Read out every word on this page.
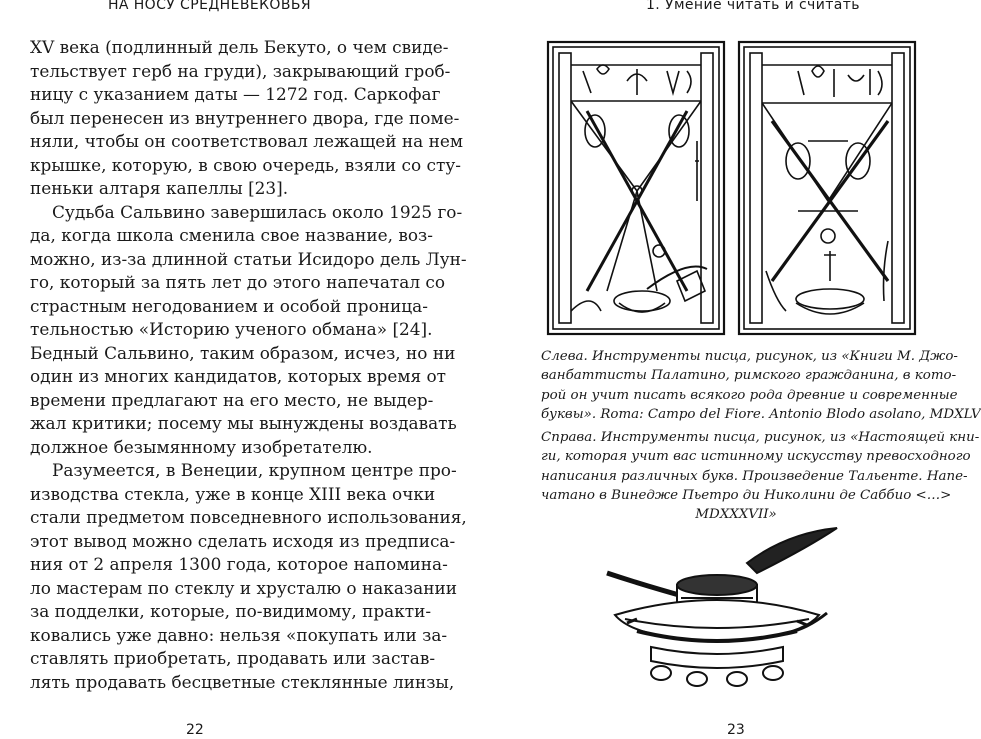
НА НОСУ СРЕДНЕВЕКОВЬЯ
XV века (подлинный дель Бекуто, о чем свиде-
тельствует герб на груди), закрывающий гроб-
ницу с указанием даты — 1272 год. Саркофаг
был перенесен из внутреннего двора, где поме-
няли, чтобы он соответствовал лежащей на нем
крышке, которую, в свою очередь, взяли со сту-
пеньки алтаря капеллы [23].
Судьба Сальвино завершилась около 1925 го-
да, когда школа сменила свое название, воз-
можно, из-за длинной статьи Исидоро дель Лун-
го, который за пять лет до этого напечатал со
страстным негодованием и особой проница-
тельностью «Историю ученого обмана» [24].
Бедный Сальвино, таким образом, исчез, но ни
один из многих кандидатов, которых время от
времени предлагают на его место, не выдер-
жал критики; посему мы вынуждены воздавать
должное безымянному изобретателю.
Разумеется, в Венеции, крупном центре про-
изводства стекла, уже в конце XIII века очки
стали предметом повседневного использования,
этот вывод можно сделать исходя из предписа-
ния от 2 апреля 1300 года, которое напомина-
ло мастерам по стеклу и хрусталю о наказании
за подделки, которые, по-видимому, практи-
ковались уже давно: нельзя «покупать или за-
ставлять приобретать, продавать или застав-
лять продавать бесцветные стеклянные линзы,
22
1. Умение читать и считать
Слева. Инструменты писца, рисунок, из «Книги М. Джо-
ванбаттисты Палатино, римского гражданина, в кото-
рой он учит писать всякого рода древние и современные
буквы». Roma: Campo del Fiore. Antonio Blodo asolano, MDXLV
Справа. Инструменты писца, рисунок, из «Настоящей кни-
ги, которая учит вас истинному искусству превосходного
написания различных букв. Произведение Тальенте. Напе-
чатано в Винедже Пьетро ди Николини де Саббио <…>
MDXXXVII»
23
